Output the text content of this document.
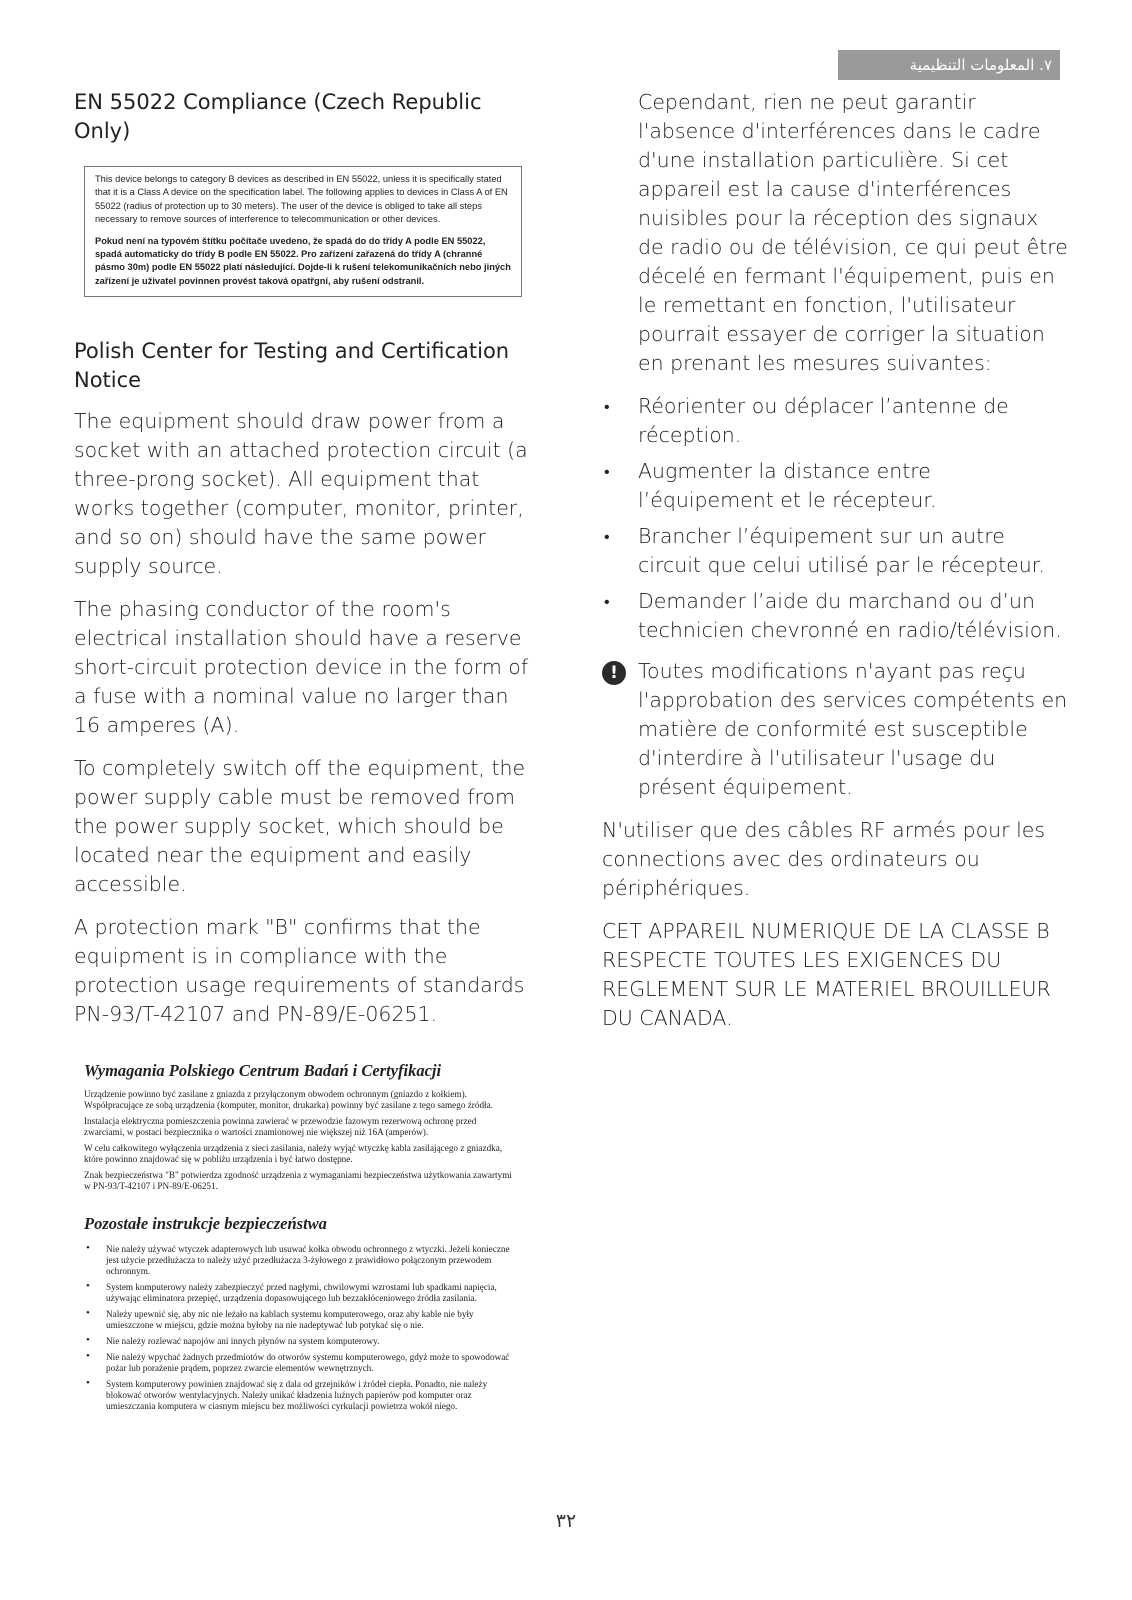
٧. المعلومات التنظيمية
EN 55022 Compliance (Czech Republic Only)

This device belongs to category B devices as described in EN 55022, unless it is specifically stated that it is a Class A device on the specification label. The following applies to devices in Class A of EN 55022 (radius of protection up to 30 meters). The user of the device is obliged to take all steps necessary to remove sources of interference to telecommunication or other devices.

Pokud není na typovém štítku počítače uvedeno, že spadá do do třídy A podle EN 55022, spadá automaticky do třídy B podle EN 55022. Pro zařízení zařazená do třídy A (chranné pásmo 30m) podle EN 55022 platí následující. Dojde-li k rušení telekomunikačních nebo jiných zařízení je uživatel povinnen provést taková opatřgní, aby rušení odstranil.

Polish Center for Testing and Certification Notice

The equipment should draw power from a socket with an attached protection circuit (a three-prong socket). All equipment that works together (computer, monitor, printer, and so on) should have the same power supply source.

The phasing conductor of the room's electrical installation should have a reserve short-circuit protection device in the form of a fuse with a nominal value no larger than 16 amperes (A).

To completely switch off the equipment, the power supply cable must be removed from the power supply socket, which should be located near the equipment and easily accessible.

A protection mark "B" confirms that the equipment is in compliance with the protection usage requirements of standards PN-93/T-42107 and PN-89/E-06251.

Wymagania Polskiego Centrum Badań i Certyfikacji

Urządzenie powinno być zasilane z gniazda z przyłączonym obwodem ochronnym (gniazdo z kołkiem). Współpracujące ze sobą urządzenia (komputer, monitor, drukarka) powinny być zasilane z tego samego źródła.

Instalacja elektryczna pomieszczenia powinna zawierać w przewodzie fazowym rezerwową ochronę przed zwarciami, w postaci bezpiecznika o wartości znamionowej nie większej niż 16A (amperów).

W celu całkowitego wyłączenia urządzenia z sieci zasilania, należy wyjąć wtyczkę kabla zasilającego z gniazdka, które powinno znajdować się w pobliżu urządzenia i być łatwo dostępne.

Znak bezpieczeństwa "B" potwierdza zgodność urządzenia z wymaganiami bezpieczeństwa użytkowania zawartymi w PN-93/T-42107 i PN-89/E-06251.

Pozostałe instrukcje bezpieczeństwa
• Nie należy używać wtyczek adapterowych lub usuwać kołka obwodu ochronnego z wtyczki. Jeżeli konieczne jest użycie przedłużacza to należy użyć przedłużacza 3-żyłowego z prawidłowo połączonym przewodem ochronnym.
• System komputerowy należy zabezpieczyć przed nagłymi, chwilowymi wzrostami lub spadkami napięcia, używając eliminatora przepięć, urządzenia dopasowującego lub bezzakłóceniowego źródła zasilania.
• Należy upewnić się, aby nic nie leżało na kablach systemu komputerowego, oraz aby kable nie były umieszczone w miejscu, gdzie można byłoby na nie nadeptywać lub potykać się o nie.
• Nie należy rozlewać napojów ani innych płynów na system komputerowy.
• Nie należy wpychać żadnych przedmiotów do otworów systemu komputerowego, gdyż może to spowodować pożar lub porażenie prądem, poprzez zwarcie elementów wewnętrznych.
• System komputerowy powinien znajdować się z dala od grzejników i źródeł ciepła. Ponadto, nie należy blokować otworów wentylacyjnych. Należy unikać kładzenia luźnych papierów pod komputer oraz umieszczania komputera w ciasnym miejscu bez możliwości cyrkulacji powietrza wokół niego.

Cependant, rien ne peut garantir l'absence d'interférences dans le cadre d'une installation particulière. Si cet appareil est la cause d'interférences nuisibles pour la réception des signaux de radio ou de télévision, ce qui peut être décelé en fermant l'équipement, puis en le remettant en fonction, l'utilisateur pourrait essayer de corriger la situation en prenant les mesures suivantes:

• Réorienter ou déplacer l’antenne de réception.
• Augmenter la distance entre l’équipement et le récepteur.
• Brancher l’équipement sur un autre circuit que celui utilisé par le récepteur.
• Demander l’aide du marchand ou d’un technicien chevronné en radio/télévision.
! Toutes modifications n'ayant pas reçu l'approbation des services compétents en matière de conformité est susceptible d'interdire à l'utilisateur l'usage du présent équipement.

N'utiliser que des câbles RF armés pour les connections avec des ordinateurs ou périphériques.

CET APPAREIL NUMERIQUE DE LA CLASSE B RESPECTE TOUTES LES EXIGENCES DU REGLEMENT SUR LE MATERIEL BROUILLEUR DU CANADA.

٣٢
